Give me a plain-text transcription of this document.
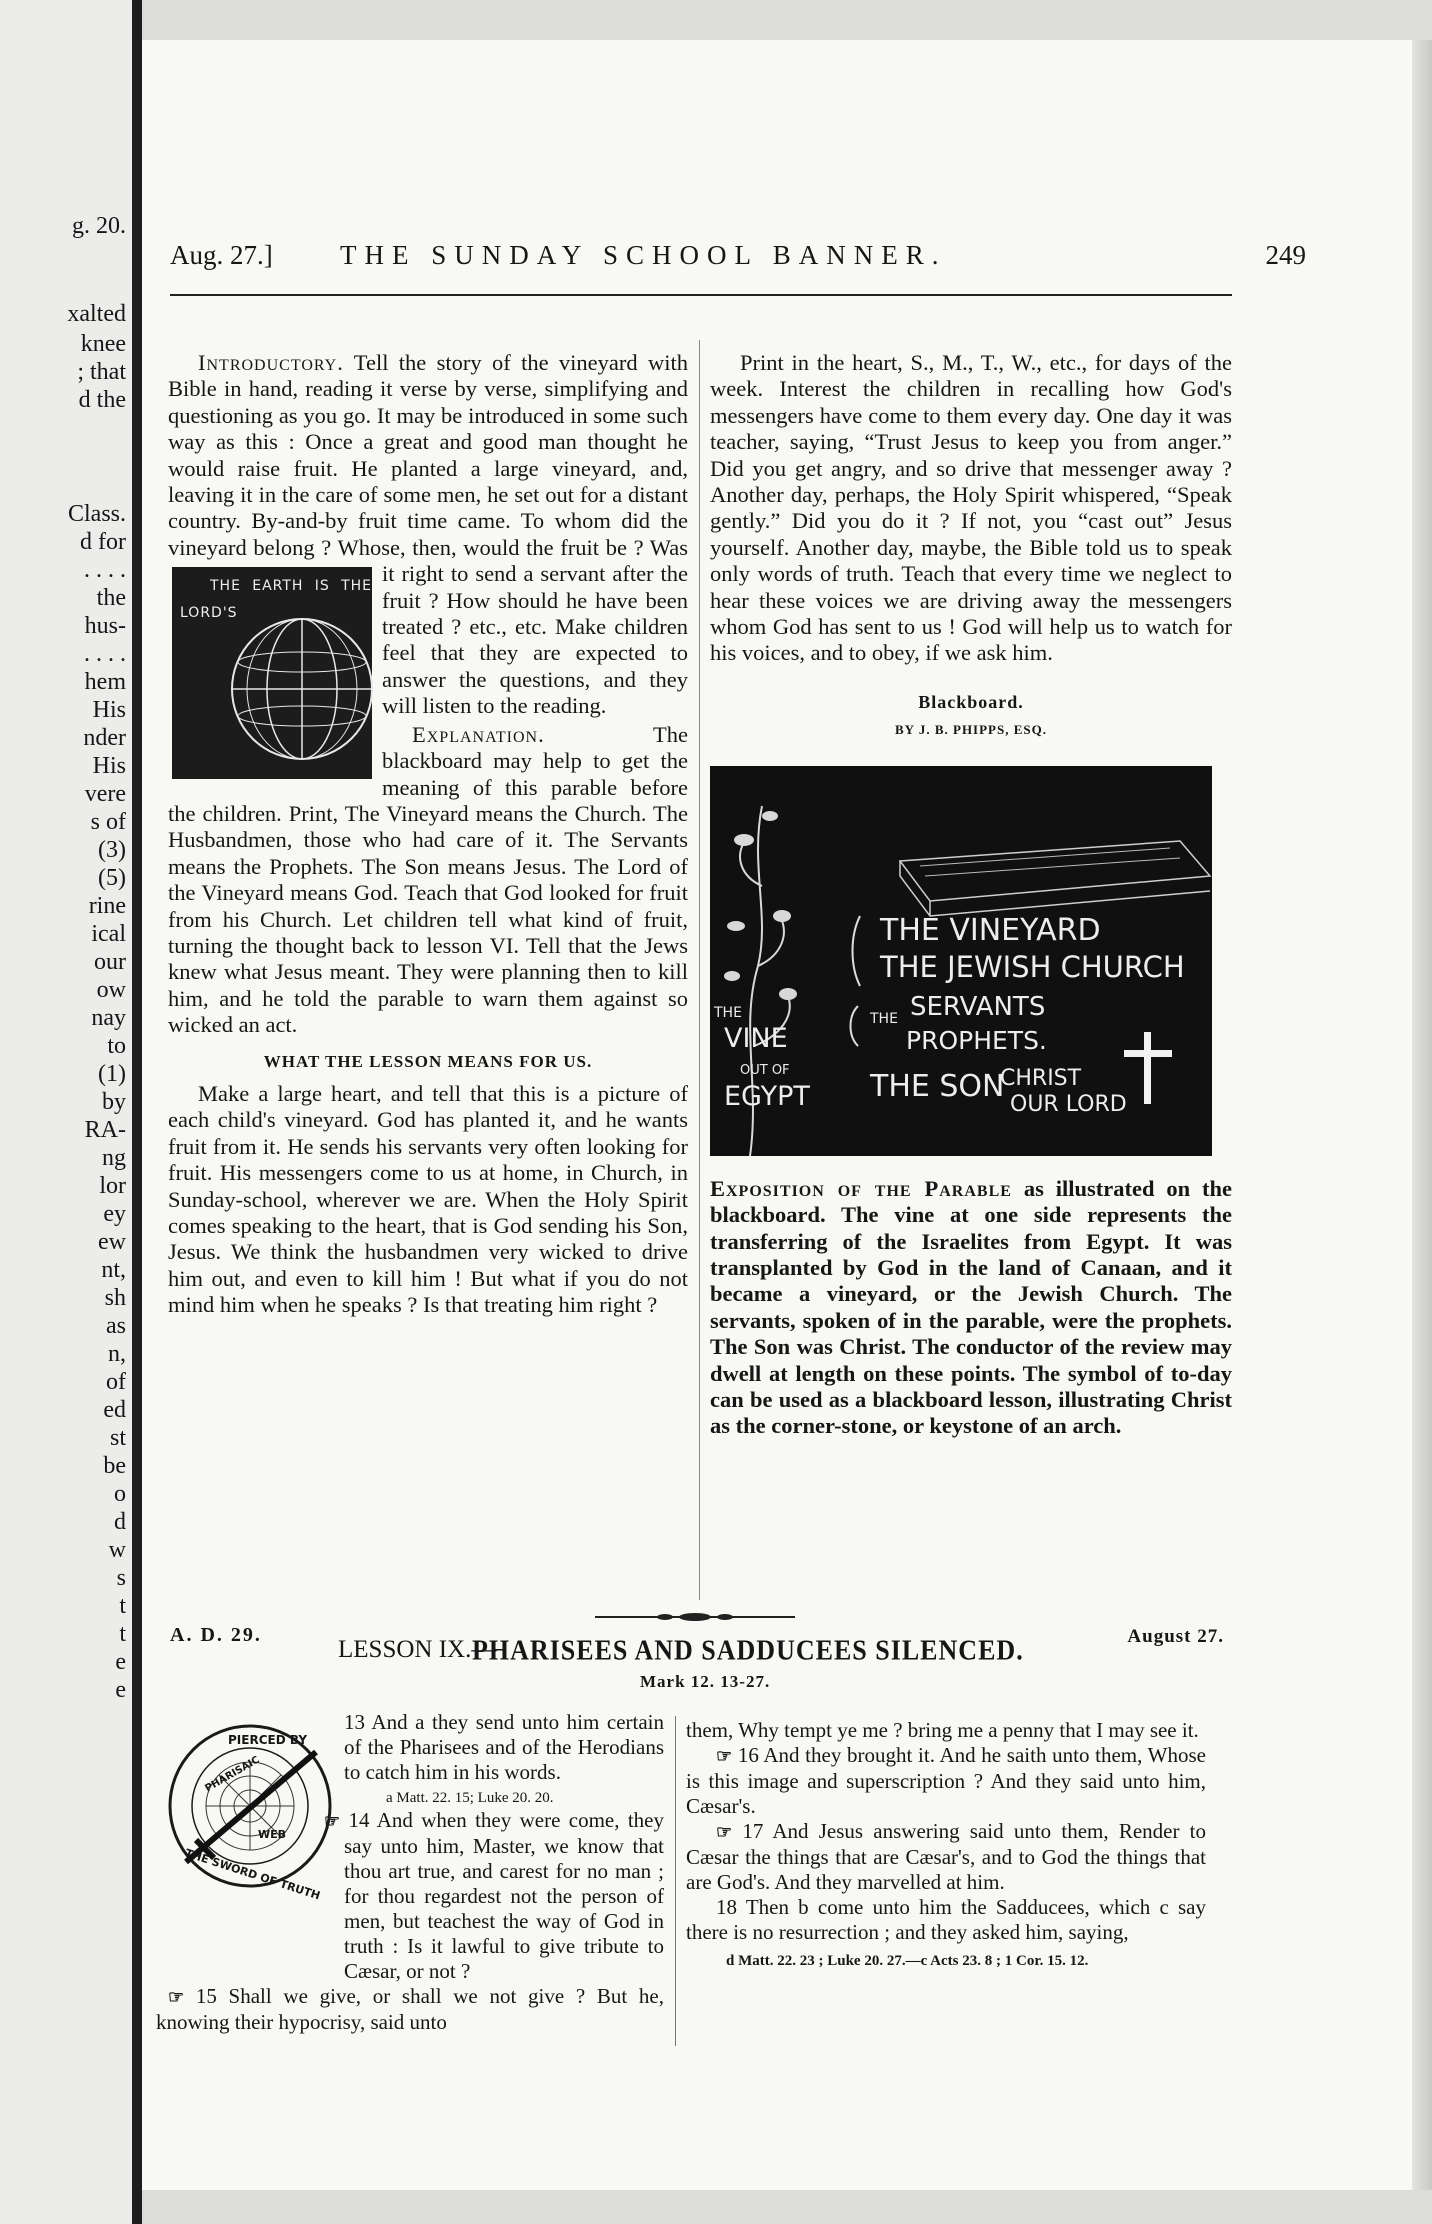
g. 20.
xalted
knee
; that
d the
Class.
d for
. . . .
the
hus-
. . . .
hem
His
nder
His
vere
s of
(3)
(5)
rine
ical
our
ow
nay
to
(1)
by
RA-
ng
lor
ey
ew
nt,
sh
as
n,
of
ed
st
be
o
d
w
s
t
t
e
e
Aug. 27.] THE SUNDAY SCHOOL BANNER.	249

Introductory. Tell the story of the vineyard with Bible in hand, reading it verse by verse, simplifying and questioning as you go. It may be introduced in some such way as this : Once a great and good man thought he would raise fruit. He planted a large vineyard, and, leaving it in the care of some men, he set out for a distant country. By-and-by fruit time came. To whom did the vineyard belong ? Whose, then, would the fruit be ? Was it right to send a servant after
THE EARTH IS THE LORD'S
the fruit ? How should he have been treated ? etc., etc. Make children feel that they are expected to answer the questions, and they will listen to the reading.

Explanation.	The blackboard may help to get the meaning of this parable before the children. Print, The Vineyard means the Church. The Husbandmen, those who had care of it. The Servants means the Prophets. The Son means Jesus. The Lord of the Vineyard means God. Teach that God looked for fruit from his Church. Let children tell what kind of fruit, turning the thought back to lesson VI. Tell that the Jews knew what Jesus meant. They were planning then to kill him, and he told the parable to warn them against so wicked an act.

WHAT THE LESSON MEANS FOR US.

Make a large heart, and tell that this is a picture of each child's vineyard. God has planted it, and he wants fruit from it. He sends his servants very often looking for fruit. His messengers come to us at home, in Church, in Sunday-school, wherever we are. When the Holy Spirit comes speaking to the heart, that is God sending his Son, Jesus. We think the husbandmen very wicked to drive him out, and even to kill him ! But what if you do not mind him when he speaks ? Is that treating him right ?

Print in the heart, S., M., T., W., etc., for days of the week. Interest the children in recalling how God's messengers have come to them every day. One day it was teacher, saying, “Trust Jesus to keep you from anger.” Did you get angry, and so drive that messenger away ? Another day, perhaps, the Holy Spirit whispered, “Speak gently.” Did you do it ? If not, you “cast out” Jesus yourself. Another day, maybe, the Bible told us to speak only words of truth. Teach that every time we neglect to hear these voices we are driving away the messengers whom God has sent to us ! God will help us to watch for his voices, and to obey, if we ask him.

Blackboard.

BY J. B. PHIPPS, ESQ.

THE VINEYARD
THE JEWISH CHURCH
THE
VINE
OUT OF
EGYPT
THE SERVANTS
PROPHETS.
THE SON
CHRIST
OUR LORD

Exposition of the Parable as illustrated on the blackboard. The vine at one side represents the transferring of the Israelites from Egypt. It was transplanted by God in the land of Canaan, and it became a vineyard, or the Jewish Church. The servants, spoken of in the parable, were the prophets. The Son was Christ. The conductor of the review may dwell at length on these points. The symbol of to-day can be used as a blackboard lesson, illustrating Christ as the corner-stone, or keystone of an arch.

A. D. 29.
LESSON IX.—
PHARISEES AND SADDUCEES SILENCED.	August 27.
Mark 12. 13-27.
PIERCED BY
PHARISAIC
WEB
THE SWORD OF TRUTH

13 And a they send unto him certain of the Pharisees and of the Herodians to catch him in his words.

a Matt. 22. 15; Luke 20. 20.

☞ 14 And when they were come, they say unto him, Master, we know that thou art true, and carest for no man ; for thou regardest not the person of men, but teachest the way of God in truth : Is it lawful to give tribute to Cæsar, or not ?

☞ 15 Shall we give, or shall we not give ? But he, knowing their hypocrisy, said unto

them, Why tempt ye me ? bring me a penny that I may see it.

☞ 16 And they brought it. And he saith unto them, Whose is this image and superscription ? And they said unto him, Cæsar's.

☞ 17 And Jesus answering said unto them, Render to Cæsar the things that are Cæsar's, and to God the things that are God's. And they marvelled at him.

18 Then b come unto him the Sadducees, which c say there is no resurrection ; and they asked him, saying,

d Matt. 22. 23 ; Luke 20. 27.—c Acts 23. 8 ; 1 Cor. 15. 12.
